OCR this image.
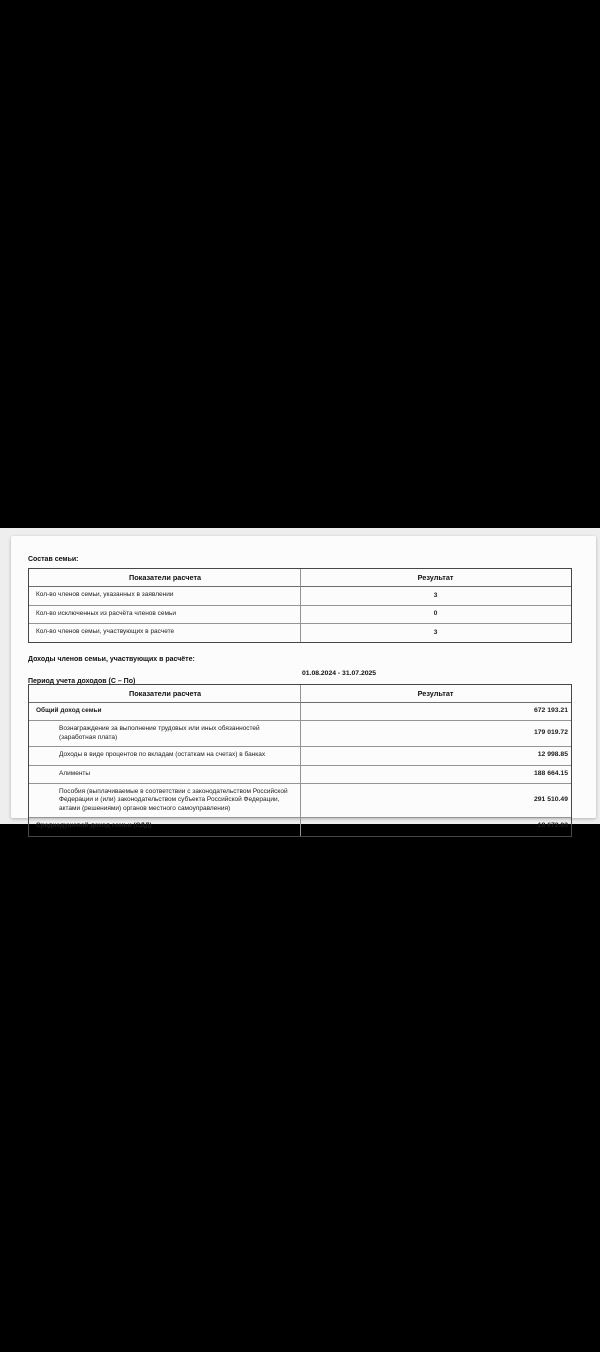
Состав семьи:
Показатели расчета	Результат
Кол-во членов семьи, указанных в заявлении	3
Кол-во исключенных из расчёта членов семьи	0
Кол-во членов семьи, участвующих в расчете	3
Доходы членов семьи, участвующих в расчёте:
Период учета доходов (С – По)
01.08.2024 - 31.07.2025
Показатели расчета	Результат
Общий доход семьи	672 193.21
Вознаграждение за выполнение трудовых или иных обязанностей (заработная плата)	179 019.72
Доходы в виде процентов по вкладам (остаткам на счетах) в банках	12 998.85
Алименты	188 664.15
Пособия (выплачиваемые в соответствии с законодательством Российской Федерации и (или) законодательством субъекта Российской Федерации, актами (решениями) органов местного самоуправления)	291 510.49
Среднедушевой доход семьи (СДД)	18 672.03
